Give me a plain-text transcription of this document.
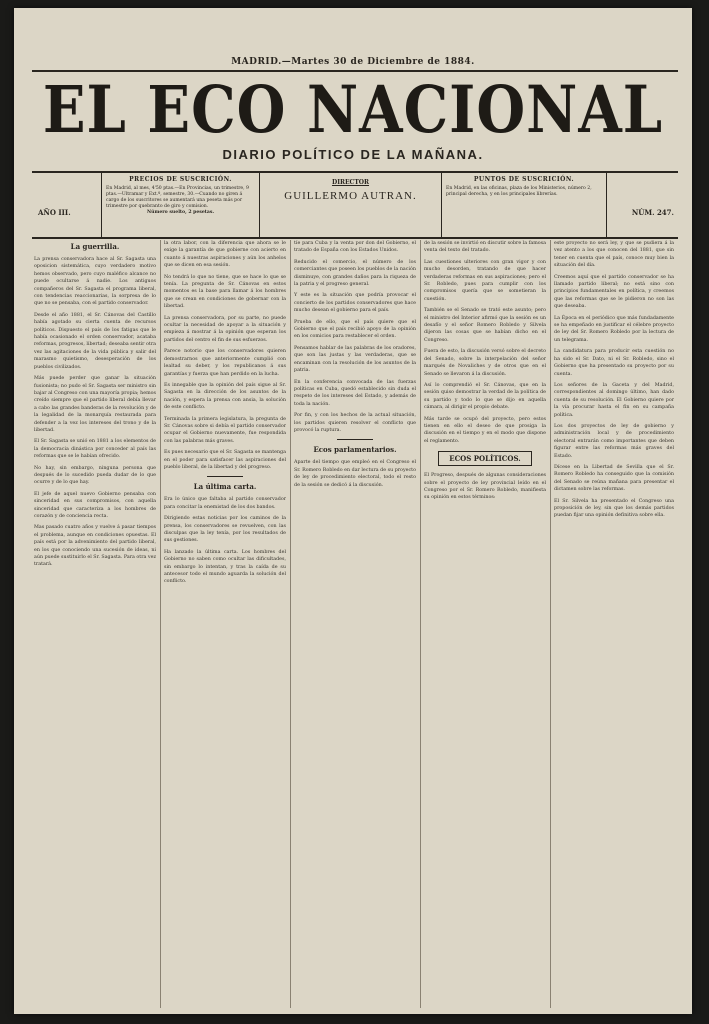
MADRID.—Martes 30 de Diciembre de 1884.
EL ECO NACIONAL
DIARIO POLÍTICO DE LA MAÑANA.
AÑO III.
PRECIOS DE SUSCRICIÓN.
En Madrid, al mes, 4'50 ptas.—En Provincias, un trimestre, 9 ptas.—Ultramar y Ext.º, semestre, 30.—Cuando no giren á cargo de los suscritores se aumentará una peseta más por trimestre por quebranto de giro y comision.
Número suelto, 2 pesetas.
DIRECTOR
GUILLERMO AUTRAN.
PUNTOS DE SUSCRICIÓN.
En Madrid, en las oficinas, plaza de los Ministerios, número 2, principal derecha, y en los principales librerías.
NÚM. 247.
La guerrilla.

La prensa conservadora hace al Sr. Sagasta una oposicion sistemática, cuyo verdadero motivo hemos observado, pero cuyo maléfico alcance no puede ocultarse á nadie. Los antiguos compañeros del Sr. Sagasta el programa liberal, con tendencias reaccionarias, la sorpresa de lo que no se pensaba, con el partido conservador.

Desde el año 1881, el Sr. Cánovas del Castillo había agotado su cierta cuenta de recursos políticos. Dispuesto el país de los fatigas que le había ocasionado el orden conservador, acataba reformas, progresos, libertad; deseaba sentir otra vez las agitaciones de la vida pública y salir del marasmo quietismo, desesperación de los pueblos civilizados.

Más puede perder que ganar la situación fusionista; no pudo el Sr. Sagasta ser ministro sin bajar al Congreso con una mayoría propia; hemos creído siempre que el partido liberal debía llevar a cabo las grandes banderas de la revolución y de la legalidad de la monarquía restaurada para defender a la vez los intereses del trono y de la libertad.

El Sr. Sagasta se unió en 1881 a los elementos de la democracia dinástica por conceder al país las reformas que se le habían ofrecido.

No hay, sin embargo, ninguna persona que después de lo sucedido pueda dudar de lo que ocurre y de lo que hay.

El jefe de aquel nuevo Gobierno pensaba con sinceridad en sus compromisos, con aquella sinceridad que caracteriza a los hombres de corazón y de conciencia recta.

Mas pasado cuatro años y vuelve á pasar tiempos el problema, aunque en condiciones opuestas. El país está por la advenimiento del partido liberal, en los que conociendo una sucesión de ideas, ni aún puede sustituirlo el Sr. Sagasta. Para otra vez tratará.

la otra labor, con la diferencia que ahora se le exige la garantía de que gobierne con acierto en cuanto á nuestras aspiraciones y aún los anhelos que se dicen en esa sesión.

No tendrá lo que no tiene, que se hace lo que se tenía. La pregunta de Sr. Cánovas en estos momentos es la base para llamar á los hombres que se crean en condiciones de gobernar con la libertad.

La prensa conservadora, por su parte, no puede ocultar la necesidad de apoyar a la situación y empieza á mostrar á la opinión que esperan los partidos del centro el fin de sus esfuerzos.

Parece notorio que los conservadores quieren demostrarnos que anteriormente cumplió con lealtad su deber, y los republicanos á sus garantías y fuerza que han perdido en la lucha.

Es innegable que la opinión del país sigue al Sr. Sagasta en la dirección de los asuntos de la nación, y espera la prensa con ansia, la solución de este conflicto.

Terminada la primera legislatura, la pregunta de Sr. Cánovas sobre si debía el partido conservador ocupar el Gobierno nuevamente, fue respondida con las palabras más graves.

Es pues necesario que el Sr. Sagasta se mantenga en el poder para satisfacer las aspiraciones del pueblo liberal, de la libertad y del progreso.

La última carta.

Era lo único que faltaba al partido conservador para concitar la enemistad de los dos bandos.

Dirigiendo estas noticias por los caminos de la prensa, los conservadores se revuelven, con las disculpas que la ley tenía, por los resultados de sus gestiones.

Ha lanzado la última carta. Los hombres del Gobierno no saben como ocultar las dificultades, sin embargo lo intentan, y tras la caída de su antecesor todo el mundo aguarda la solución del conflicto.

tíe para Cuba y la venta por don del Gobierno, el tratado de España con los Estados Unidos.

Reducido el comercio, el número de los comerciantes que poseen los pueblos de la nación disminuye, con grandes daños para la riqueza de la patria y el progreso general.

Y este es la situación que podría provocar el concierto de los partidos conservadores que hace mucho desean el gobierno para el país.

Prueba de ello, que el país quiere que el Gobierno que el país recibió apoyo de la opinión en los comicios para restablecer el orden.

Pensamos hablar de las palabras de los oradores, que son las justas y las verdaderas, que se encaminan con la resolución de los asuntos de la patria.

En la conferencia convocada de las fuerzas políticas en Cuba, quedó establecido sin duda el respeto de los intereses del Estado, y además de toda la nación.

Por fin, y con los hechos de la actual situación, los partidos quieren resolver el conflicto que provocó la ruptura.

Ecos parlamentarios.

Aparte del tiempo que empleó en el Congreso el Sr. Romero Robledo en dar lectura de su proyecto de ley de procedimiento electoral, todo el resto de la sesión se dedicó á la discusión.

de la sesión se invirtió en discutir sobre la famosa venta del texto del tratado.

Las cuestiones ulteriores con gran vigor y con mucho desorden, tratando de que hacer verdaderas reformas en sus aspiraciones; pero el Sr. Robledo, pues para cumplir con los compromisos quería que se sometieran la cuestión.

También se el Senado se trató este asunto; pero el ministro del Interior afirmó que la sesión es un desafío y el señor Romero Robledo y Silvela dijeron las cosas que se habían dicho en el Congreso.

Fuera de esto, la discusión versó sobre el decreto del Senado, sobre la interpelación del señor marqués de Novaliches y de otros que en el Senado se llevaron á la discusión.

Así lo comprendió el Sr. Cánovas, que en la sesión quiso demostrar la verdad de la política de su partido y todo lo que se dijo en aquella cámara, al dirigir el propio debate.

Más tarde se ocupó del proyecto, pero estos tienen en ello el deseo de que prosiga la discusión en el tiempo y en el modo que dispone el reglamento.

ECOS POLÍTICOS.

El Progreso, después de algunas consideraciones sobre el proyecto de ley provincial leído en el Congreso por el Sr. Romero Robledo, manifiesta su opinión en estos términos:

este proyecto no será ley, y que se pudiera á la vez atento a los que conocen del 1881, que sin tener en cuenta que el país, conoce muy bien la situación del día.

Creemos aquí que el partido conservador se ha llamado partido liberal; no está sino con principios fundamentales en política, y creemos que las reformas que se le pidieron no son las que deseaba.

La Época en el periódico que más fundadamente se ha empeñado en justificar el célebre proyecto de ley del Sr. Romero Robledo por la lectura de un telegrama.

La candidatura para producir esta cuestión no ha sido el Sr. Dato, ni el Sr. Robledo, sino el Gobierno que ha presentado su proyecto por su cuenta.

Los señores de la Gaceta y del Madrid, correspondientes al domingo último, han dado cuenta de su resolución. El Gobierno quiere por la vía procurar hasta el fin en su campaña política.

Los dos proyectos de ley de gobierno y administración local y de procedimiento electoral entrarán como importantes que deben figurar entre las reformas más graves del Estado.

Dícese en la Libertad de Sevilla que el Sr. Romero Robledo ha conseguido que la comisión del Senado se reúna mañana para presentar el dictamen sobre las reformas.

El Sr. Silvela ha presentado el Congreso una proposición de ley, sin que los demás partidos puedan fijar una opinión definitiva sobre ella.
